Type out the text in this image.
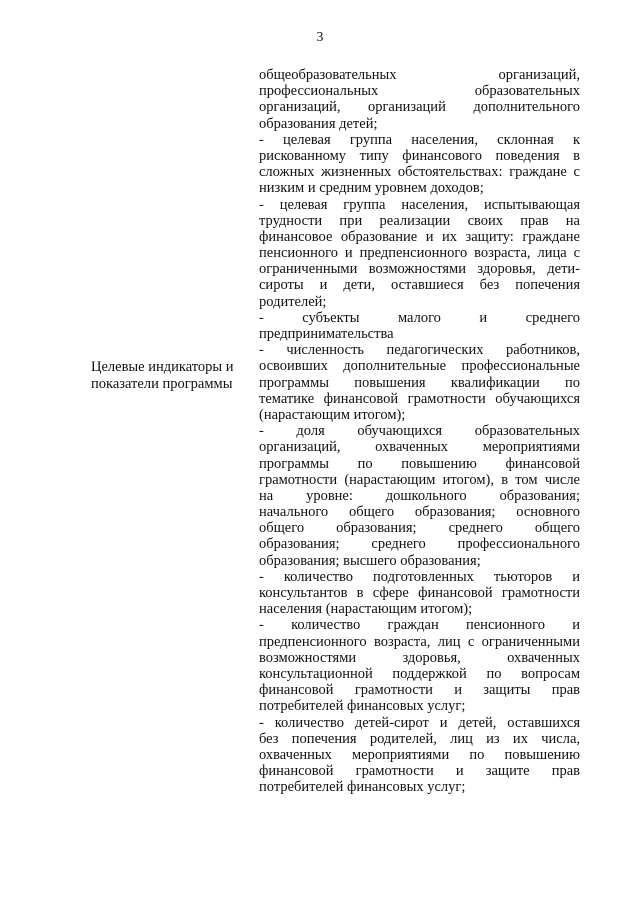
3
Целевые индикаторы и
показатели программы
общеобразовательных организаций,
профессиональных образовательных
организаций, организаций дополнительного
образования детей;
- целевая группа населения, склонная к
рискованному типу финансового поведения в
сложных жизненных обстоятельствах: граждане с
низким и средним уровнем доходов;
- целевая группа населения, испытывающая
трудности при реализации своих прав на
финансовое образование и их защиту: граждане
пенсионного и предпенсионного возраста, лица с
ограниченными возможностями здоровья, дети-
сироты и дети, оставшиеся без попечения
родителей;
- субъекты малого и среднего
предпринимательства
- численность педагогических работников,
освоивших дополнительные профессиональные
программы повышения квалификации по
тематике финансовой грамотности обучающихся
(нарастающим итогом);
- доля обучающихся образовательных
организаций, охваченных мероприятиями
программы по повышению финансовой
грамотности (нарастающим итогом), в том числе
на уровне: дошкольного образования;
начального общего образования; основного
общего образования; среднего общего
образования; среднего профессионального
образования; высшего образования;
- количество подготовленных тьюторов и
консультантов в сфере финансовой грамотности
населения (нарастающим итогом);
- количество граждан пенсионного и
предпенсионного возраста, лиц с ограниченными
возможностями здоровья, охваченных
консультационной поддержкой по вопросам
финансовой грамотности и защиты прав
потребителей финансовых услуг;
- количество детей-сирот и детей, оставшихся
без попечения родителей, лиц из их числа,
охваченных мероприятиями по повышению
финансовой грамотности и защите прав
потребителей финансовых услуг;
